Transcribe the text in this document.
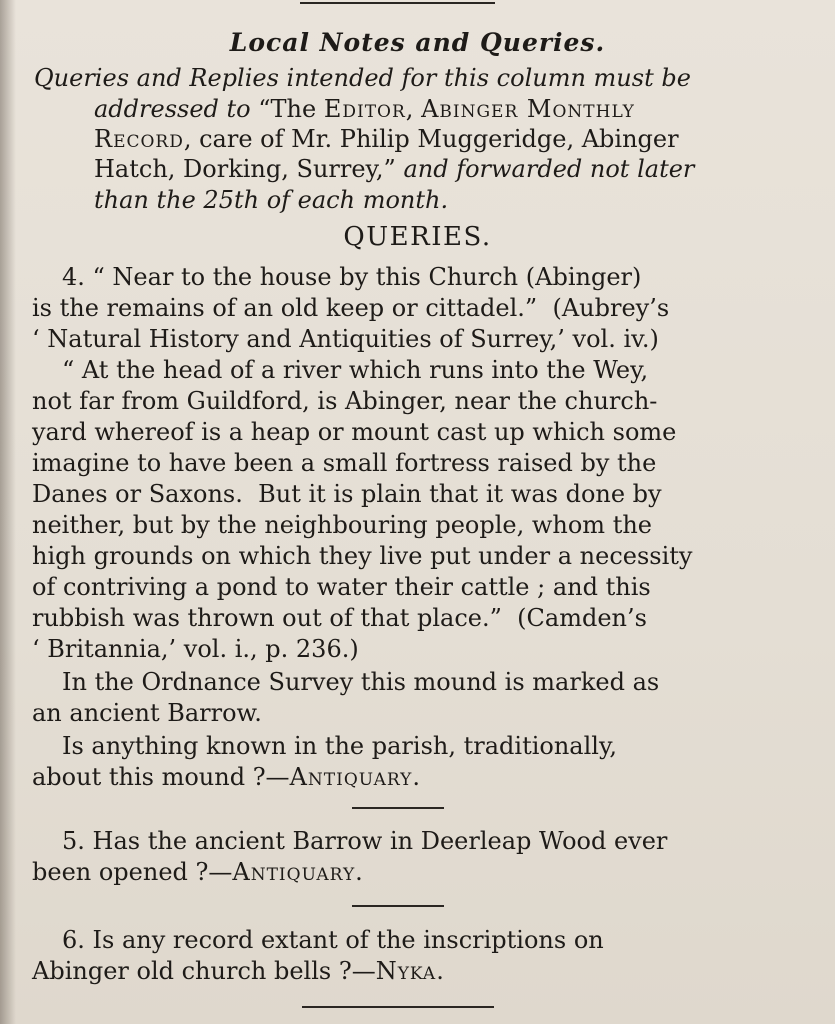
Local Notes and Queries.
Queries and Replies intended for this column must be
addressed to “The Editor, Abinger Monthly
Record, care of Mr. Philip Muggeridge, Abinger
Hatch, Dorking, Surrey,” and forwarded not later
than the 25th of each month.
QUERIES.
4. “ Near to the house by this Church (Abinger)
is the remains of an old keep or cittadel.”  (Aubrey’s
‘ Natural History and Antiquities of Surrey,’ vol. iv.)
“ At the head of a river which runs into the Wey,
not far from Guildford, is Abinger, near the church-
yard whereof is a heap or mount cast up which some
imagine to have been a small fortress raised by the
Danes or Saxons.  But it is plain that it was done by
neither, but by the neighbouring people, whom the
high grounds on which they live put under a necessity
of contriving a pond to water their cattle ; and this
rubbish was thrown out of that place.”  (Camden’s
‘ Britannia,’ vol. i., p. 236.)
In the Ordnance Survey this mound is marked as
an ancient Barrow.
Is anything known in the parish, traditionally,
about this mound ?—Antiquary.
5. Has the ancient Barrow in Deerleap Wood ever
been opened ?—Antiquary.
6. Is any record extant of the inscriptions on
Abinger old church bells ?—Nyka.
